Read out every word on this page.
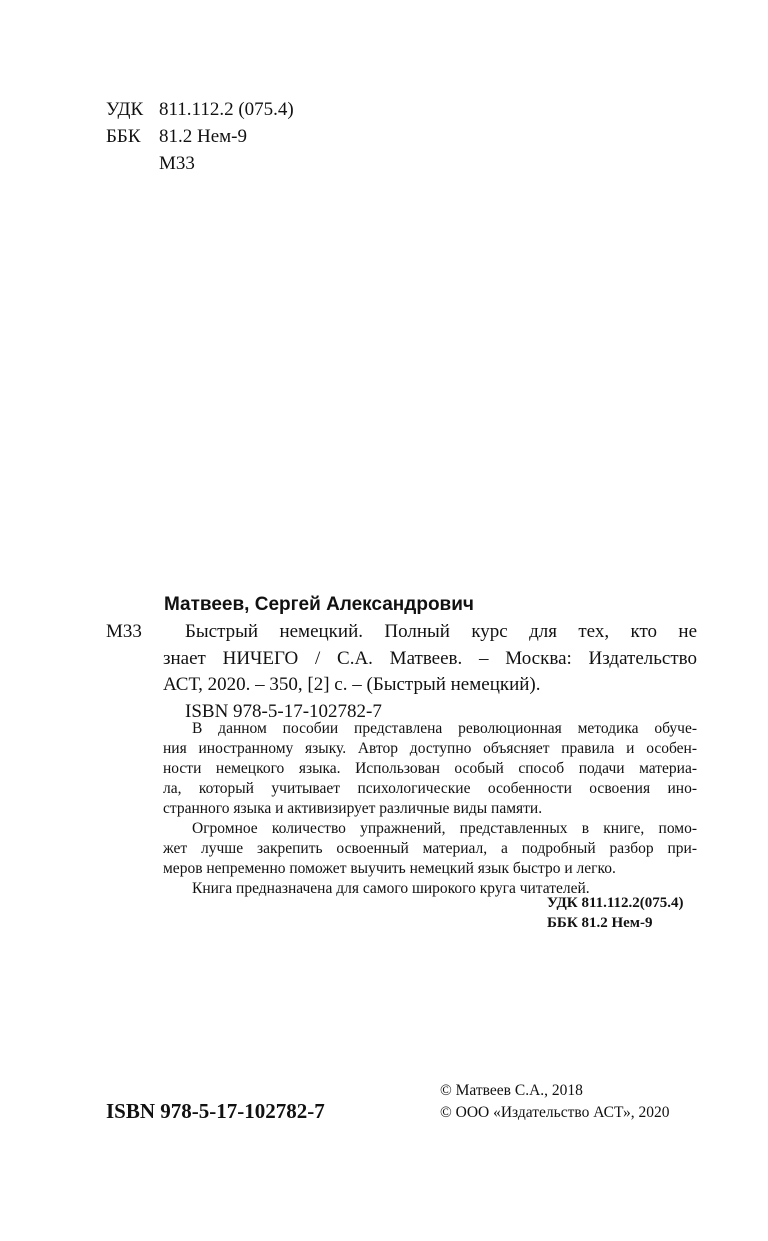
УДК 811.112.2 (075.4)
ББК 81.2 Нем-9
М33
Матвеев, Сергей Александрович
М33	Быстрый немецкий. Полный курс для тех, кто не
знает НИЧЕГО / С.А. Матвеев. – Москва: Издательство
АСТ, 2020. – 350, [2] с. – (Быстрый немецкий).
ISBN 978-5-17-102782-7
В данном пособии представлена революционная методика обуче-
ния иностранному языку. Автор доступно объясняет правила и особен-
ности немецкого языка. Использован особый способ подачи материа-
ла, который учитывает психологические особенности освоения ино-
странного языка и активизирует различные виды памяти.
Огромное количество упражнений, представленных в книге, помо-
жет лучше закрепить освоенный материал, а подробный разбор при-
меров непременно поможет выучить немецкий язык быстро и легко.
Книга предназначена для самого широкого круга читателей.
УДК 811.112.2(075.4)
ББК 81.2 Нем-9
ISBN 978-5-17-102782-7
© Матвеев С.А., 2018
© ООО «Издательство АСТ», 2020
